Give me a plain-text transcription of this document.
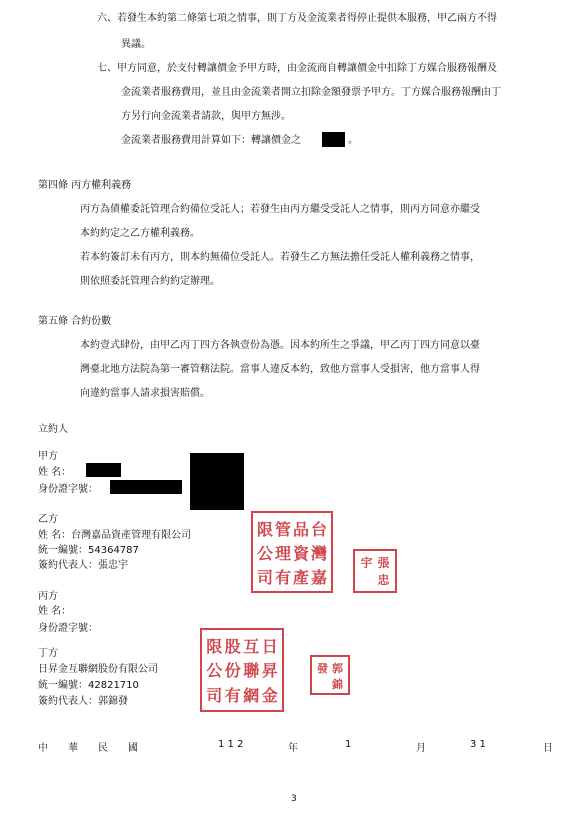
六、若發生本約第二條第七項之情事，則丁方及金流業者得停止提供本服務，甲乙兩方不得
異議。
七、甲方同意，於支付轉讓價金予甲方時，由金流商自轉讓價金中扣除丁方媒合服務報酬及
金流業者服務費用，並且由金流業者開立扣除金額發票予甲方。丁方媒合服務報酬由丁
方另行向金流業者請款，與甲方無涉。
金流業者服務費用計算如下：轉讓價金之	。
第四條 丙方權利義務
丙方為債權委託管理合約備位受託人；若發生由丙方繼受受託人之情事，則丙方同意亦繼受
本約約定之乙方權利義務。
若本約簽訂未有丙方，則本約無備位受託人。若發生乙方無法擔任受託人權利義務之情事，
則依照委託管理合約約定辦理。
第五條 合約份數
本約壹式肆份，由甲乙丙丁四方各執壹份為憑。因本約所生之爭議，甲乙丙丁四方同意以臺
灣臺北地方法院為第一審管轄法院。當事人違反本約，致他方當事人受損害，他方當事人得
向違約當事人請求損害賠償。
立約人
甲方
姓 名：
身份證字號：
乙方
姓 名：台灣嘉品資產管理有限公司
統一編號：54364787
簽約代表人：張忠宇
限 管 品 台
公 理 資 灣
司 有 產 嘉
宇 張
忠
丙方
姓 名：
身份證字號：
丁方
日昇金互聯網股份有限公司
統一編號：42821710
簽約代表人：郭錦發
限 股 互 日
公 份 聯 昇
司 有 網 金
發 郭
錦
中 華 民 國	1 1 2	年	1	月	3 1	日
3
